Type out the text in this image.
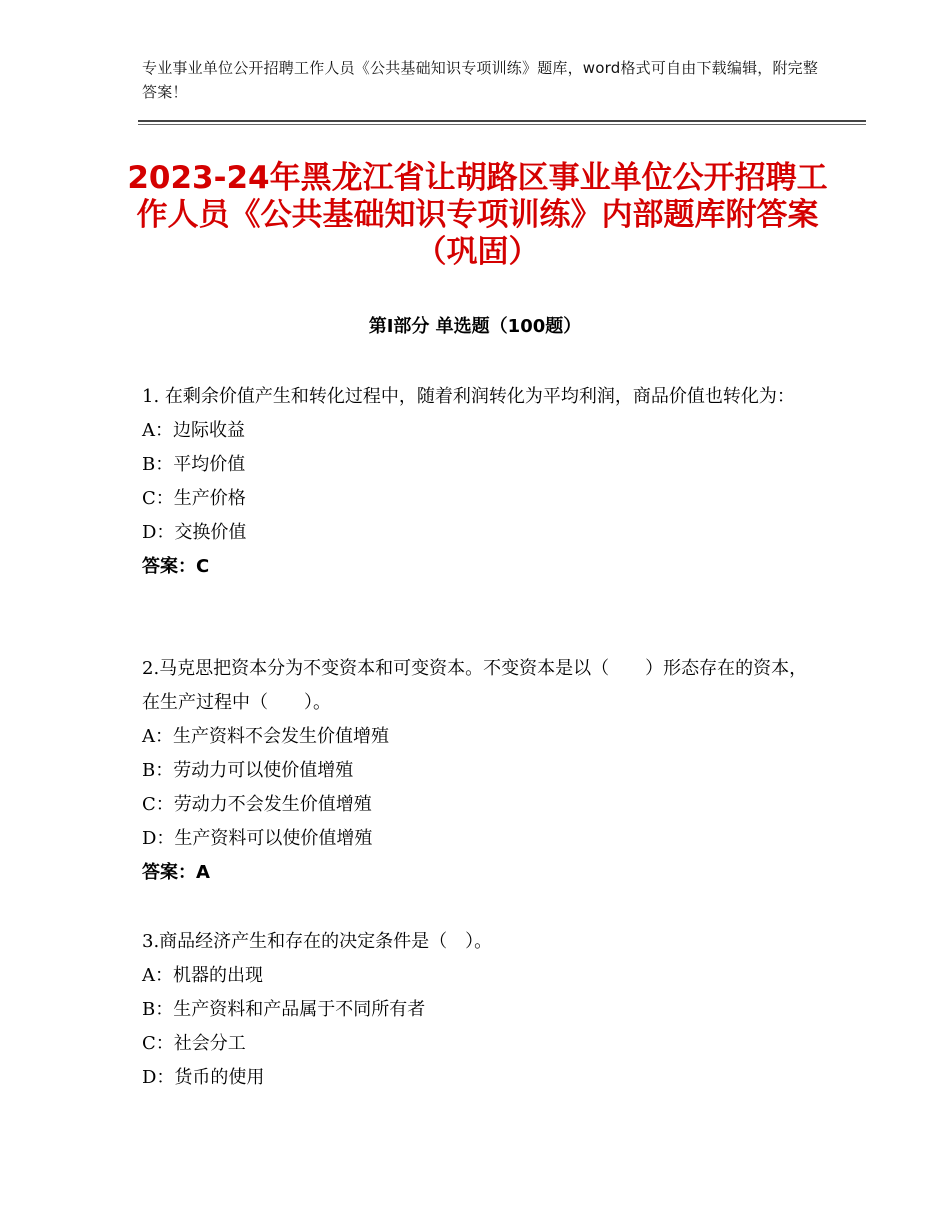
专业事业单位公开招聘工作人员《公共基础知识专项训练》题库，word格式可自由下载编辑，附完整答案！
2023-24年黑龙江省让胡路区事业单位公开招聘工作人员《公共基础知识专项训练》内部题库附答案（巩固）
第Ⅰ部分 单选题（100题）
1. 在剩余价值产生和转化过程中，随着利润转化为平均利润，商品价值也转化为：
A：边际收益
B：平均价值
C：生产价格
D：交换价值
答案：C
2.马克思把资本分为不变资本和可变资本。不变资本是以（　　）形态存在的资本，在生产过程中（　　）。
A：生产资料不会发生价值增殖
B：劳动力可以使价值增殖
C：劳动力不会发生价值增殖
D：生产资料可以使价值增殖
答案：A
3.商品经济产生和存在的决定条件是（　）。
A：机器的出现
B：生产资料和产品属于不同所有者
C：社会分工
D：货币的使用
